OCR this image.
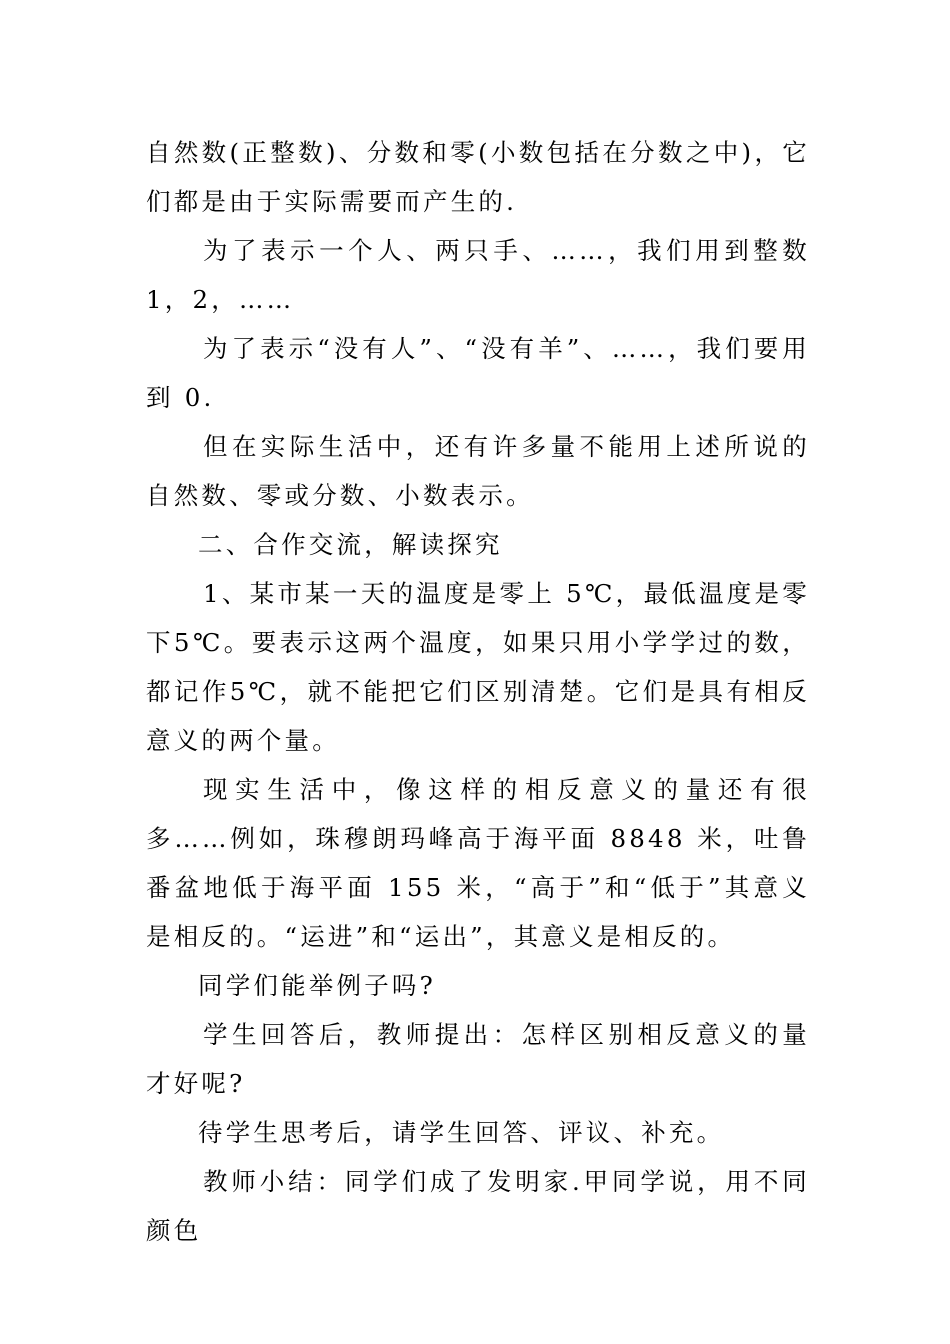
自然数(正整数)、分数和零(小数包括在分数之中)，它们都是由于实际需要而产生的.

为了表示一个人、两只手、……，我们用到整数 1，2，……

为了表示“没有人”、“没有羊”、……，我们要用到 0.

但在实际生活中，还有许多量不能用上述所说的自然数、零或分数、小数表示。

二、合作交流，解读探究

1、某市某一天的温度是零上 5℃，最低温度是零下5℃。要表示这两个温度，如果只用小学学过的数，都记作5℃，就不能把它们区别清楚。它们是具有相反意义的两个量。

现实生活中，像这样的相反意义的量还有很多……例如，珠穆朗玛峰高于海平面 8848 米，吐鲁番盆地低于海平面 155 米，“高于”和“低于”其意义是相反的。“运进”和“运出”，其意义是相反的。

同学们能举例子吗?

学生回答后，教师提出：怎样区别相反意义的量才好呢?

待学生思考后，请学生回答、评议、补充。

教师小结：同学们成了发明家.甲同学说，用不同颜色
